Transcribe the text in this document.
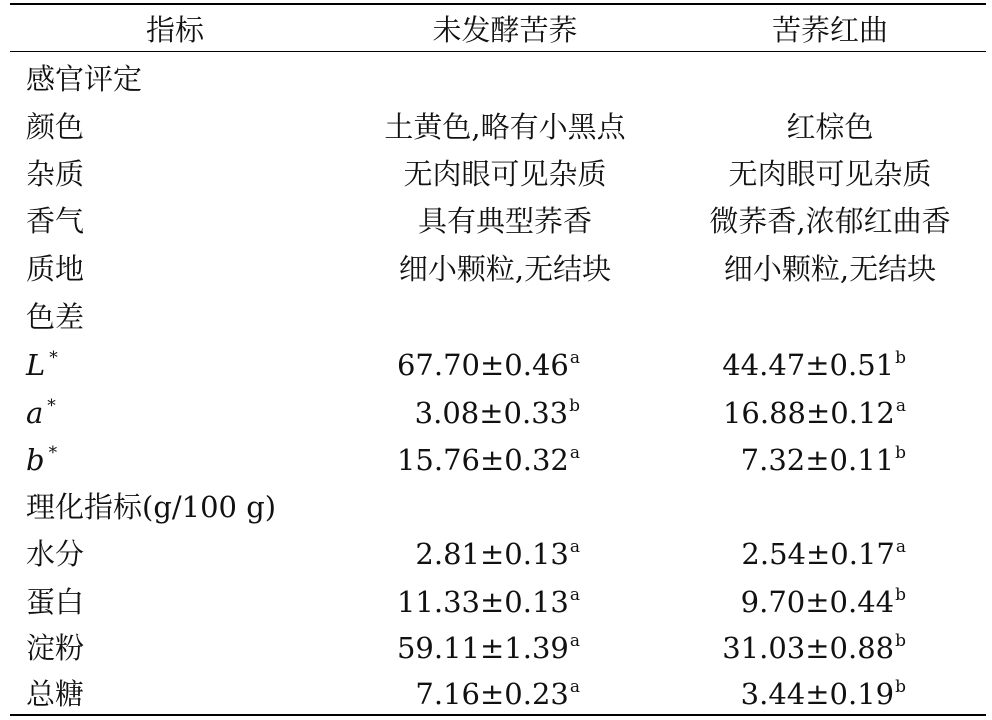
指标	未发酵苦荞	苦荞红曲
感官评定
颜色	土黄色,略有小黑点	红棕色
杂质	无肉眼可见杂质	无肉眼可见杂质
香气	具有典型荞香	微荞香,浓郁红曲香
质地	细小颗粒,无结块	细小颗粒,无结块
色差
L *	67.70±0.46$^a$	44.47±0.51$^b$
a *	3.08±0.33$^b$	16.88±0.12$^a$
b *	15.76±0.32$^a$	7.32±0.11$^b$
理化指标(g/100 g)
水分	2.81±0.13$^a$	2.54±0.17$^a$
蛋白	11.33±0.13$^a$	9.70±0.44$^b$
淀粉	59.11±1.39$^a$	31.03±0.88$^b$
总糖	7.16±0.23$^a$	3.44±0.19$^b$
